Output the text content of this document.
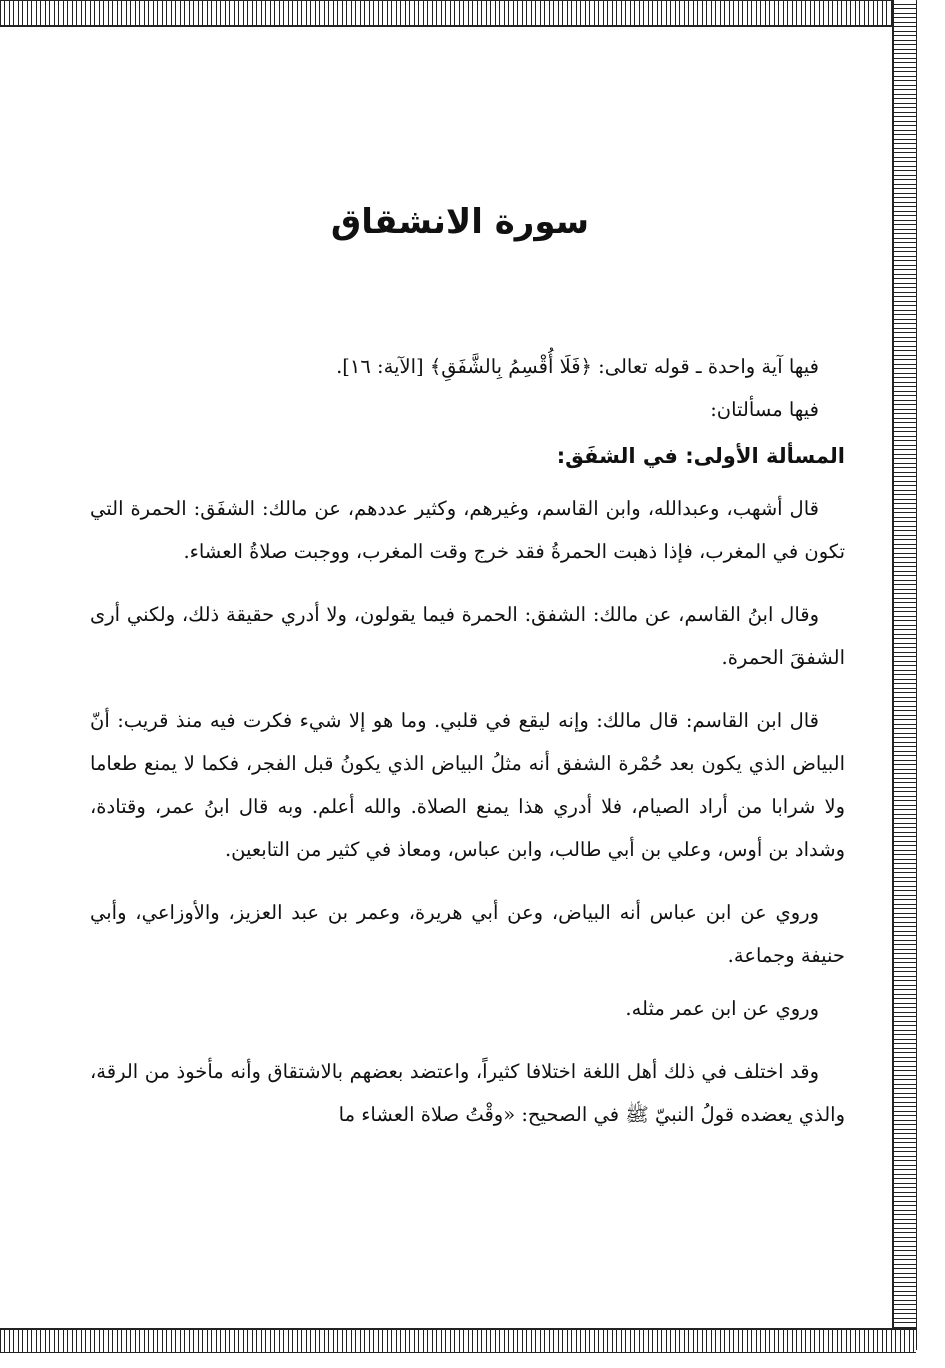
سورة الانشقاق

فيها آية واحدة ـ قوله تعالى: ﴿فَلَا أُقْسِمُ بِالشَّفَقِ﴾ [الآية: ١٦].

فيها مسألتان:

المسألة الأولى: في الشفَق:

قال أشهب، وعبدالله، وابن القاسم، وغيرهم، وكثير عددهم، عن مالك: الشفَق: الحمرة التي تكون في المغرب، فإذا ذهبت الحمرةُ فقد خرج وقت المغرب، ووجبت صلاةُ العشاء.

وقال ابنُ القاسم، عن مالك: الشفق: الحمرة فيما يقولون، ولا أدري حقيقة ذلك، ولكني أرى الشفقَ الحمرة.

قال ابن القاسم: قال مالك: وإنه ليقع في قلبي. وما هو إلا شيء فكرت فيه منذ قريب: أنّ البياض الذي يكون بعد حُمْرة الشفق أنه مثلُ البياض الذي يكونُ قبل الفجر، فكما لا يمنع طعاما ولا شرابا من أراد الصيام، فلا أدري هذا يمنع الصلاة. والله أعلم. وبه قال ابنُ عمر، وقتادة، وشداد بن أوس، وعلي بن أبي طالب، وابن عباس، ومعاذ في كثير من التابعين.

وروي عن ابن عباس أنه البياض، وعن أبي هريرة، وعمر بن عبد العزيز، والأوزاعي، وأبي حنيفة وجماعة.

وروي عن ابن عمر مثله.

وقد اختلف في ذلك أهل اللغة اختلافا كثيراً، واعتضد بعضهم بالاشتقاق وأنه مأخوذ من الرقة، والذي يعضده قولُ النبيّ ﷺ في الصحيح: «وقْتُ صلاة العشاء ما
